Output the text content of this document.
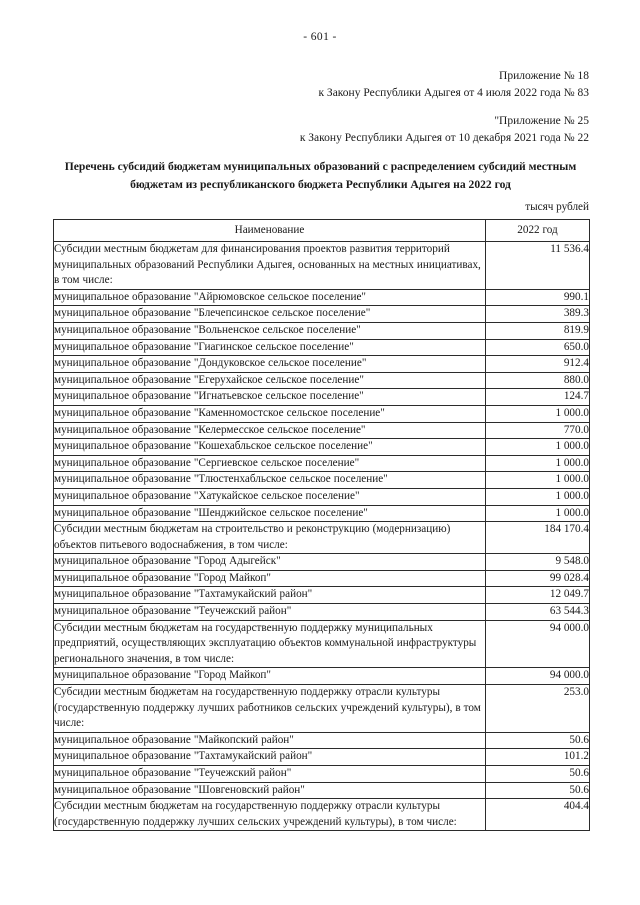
- 601 -
Приложение № 18
к Закону Республики Адыгея от 4 июля 2022 года № 83
"Приложение № 25
к Закону Республики Адыгея от 10 декабря 2021 года № 22
Перечень субсидий бюджетам муниципальных образований с распределением субсидий местным бюджетам из республиканского бюджета Республики Адыгея на 2022 год
тысяч рублей
Наименование	2022 год
Субсидии местным бюджетам для финансирования проектов развития территорий муниципальных образований Республики Адыгея, основанных на местных инициативах, в том числе:	11 536.4
муниципальное образование "Айрюмовское сельское поселение"	990.1
муниципальное образование "Блечепсинское сельское поселение"	389.3
муниципальное образование "Вольненское сельское поселение"	819.9
муниципальное образование "Гиагинское сельское поселение"	650.0
муниципальное образование "Дондуковское сельское поселение"	912.4
муниципальное образование "Егерухайское сельское поселение"	880.0
муниципальное образование "Игнатьевское сельское поселение"	124.7
муниципальное образование "Каменномостское сельское поселение"	1 000.0
муниципальное образование "Келермесское сельское поселение"	770.0
муниципальное образование "Кошехабльское сельское поселение"	1 000.0
муниципальное образование "Сергиевское сельское поселение"	1 000.0
муниципальное образование "Тлюстенхабльское сельское поселение"	1 000.0
муниципальное образование "Хатукайское сельское поселение"	1 000.0
муниципальное образование "Шенджийское сельское поселение"	1 000.0
Субсидии местным бюджетам на строительство и реконструкцию (модернизацию) объектов питьевого водоснабжения, в том числе:	184 170.4
муниципальное образование "Город Адыгейск"	9 548.0
муниципальное образование "Город Майкоп"	99 028.4
муниципальное образование "Тахтамукайский район"	12 049.7
муниципальное образование "Теучежский район"	63 544.3
Субсидии местным бюджетам на государственную поддержку муниципальных предприятий, осуществляющих эксплуатацию объектов коммунальной инфраструктуры регионального значения, в том числе:	94 000.0
муниципальное образование "Город Майкоп"	94 000.0
Субсидии местным бюджетам на государственную поддержку отрасли культуры (государственную поддержку лучших работников сельских учреждений культуры), в том числе:	253.0
муниципальное образование "Майкопский район"	50.6
муниципальное образование "Тахтамукайский район"	101.2
муниципальное образование "Теучежский район"	50.6
муниципальное образование "Шовгеновский район"	50.6
Субсидии местным бюджетам на государственную поддержку отрасли культуры (государственную поддержку лучших сельских учреждений культуры), в том числе:	404.4
